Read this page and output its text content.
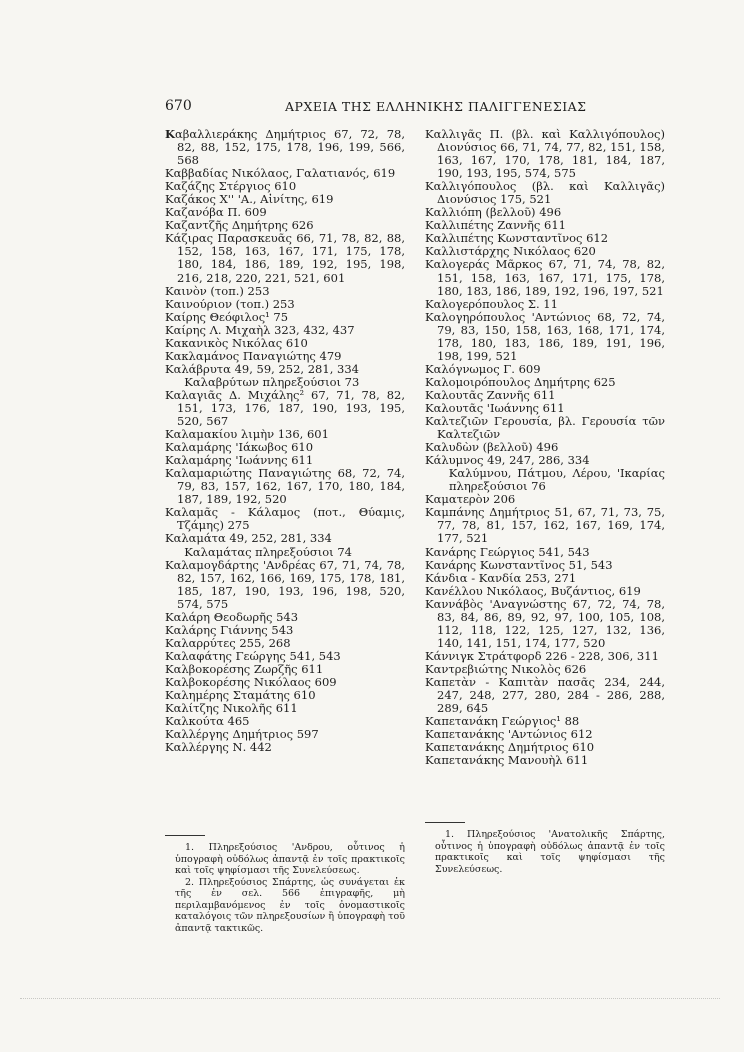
670	ΑΡΧΕΙΑ ΤΗΣ ΕΛΛΗΝΙΚΗΣ ΠΑΛΙΓΓΕΝΕΣΙΑΣ
Καβαλλιεράκης Δημήτριος 67, 72, 78, 82, 88, 152, 175, 178, 196, 199, 566, 568
Καββαδίας Νικόλαος, Γαλατιανός, 619
Καζάζης Στέργιος 610
Καζάκος Χ'' 'Α., Αἰνίτης, 619
Καζανόβα Π. 609
Καζαντζῆς Δημήτρης 626
Κάζιρας Παρασκευᾶς 66, 71, 78, 82, 88, 152, 158, 163, 167, 171, 175, 178, 180, 184, 186, 189, 192, 195, 198, 216, 218, 220, 221, 521, 601
Καινὸν (τοπ.) 253
Καινούριον (τοπ.) 253
Καίρης Θεόφιλος¹ 75
Καίρης Λ. Μιχαὴλ 323, 432, 437
Κακανικὸς Νικόλας 610
Κακλαμάνος Παναγιώτης 479
Καλάβρυτα 49, 59, 252, 281, 334
Καλαβρύτων πληρεξούσιοι 73
Καλαγιᾶς Δ. Μιχάλης² 67, 71, 78, 82, 151, 173, 176, 187, 190, 193, 195, 520, 567
Καλαμακίου λιμὴν 136, 601
Καλαμάρης 'Ιάκωβος 610
Καλαμάρης 'Ιωάννης 611
Καλαμαριώτης Παναγιώτης 68, 72, 74, 79, 83, 157, 162, 167, 170, 180, 184, 187, 189, 192, 520
Καλαμᾶς - Κάλαμος (ποτ., Θύαμις, Τζάμης) 275
Καλαμάτα 49, 252, 281, 334
Καλαμάτας πληρεξούσιοι 74
Καλαμογδάρτης 'Ανδρέας 67, 71, 74, 78, 82, 157, 162, 166, 169, 175, 178, 181, 185, 187, 190, 193, 196, 198, 520, 574, 575
Καλάρη Θεοδωρῆς 543
Καλάρης Γιάννης 543
Καλαρρύτες 255, 268
Καλαφάτης Γεώργης 541, 543
Καλβοκορέσης Ζωρζῆς 611
Καλβοκορέσης Νικόλαος 609
Καλημέρης Σταμάτης 610
Καλίτζης Νικολῆς 611
Καλκούτα 465
Καλλέργης Δημήτριος 597
Καλλέργης Ν. 442
Καλλιγᾶς Π. (βλ. καὶ Καλλιγόπουλος) Διονύσιος 66, 71, 74, 77, 82, 151, 158, 163, 167, 170, 178, 181, 184, 187, 190, 193, 195, 574, 575
Καλλιγόπουλος (βλ. καὶ Καλλιγᾶς) Διονύσιος 175, 521
Καλλιόπη (βελλοῦ) 496
Καλλιπέτης Ζαννῆς 611
Καλλιπέτης Κωνσταντῖνος 612
Καλλιστάρχης Νικόλαος 620
Καλογεράς Μᾶρκος 67, 71, 74, 78, 82, 151, 158, 163, 167, 171, 175, 178, 180, 183, 186, 189, 192, 196, 197, 521
Καλογερόπουλος Σ. 11
Καλογηρόπουλος 'Αντώνιος 68, 72, 74, 79, 83, 150, 158, 163, 168, 171, 174, 178, 180, 183, 186, 189, 191, 196, 198, 199, 521
Καλόγνωμος Γ. 609
Καλομοιρόπουλος Δημήτρης 625
Καλουτᾶς Ζαννῆς 611
Καλουτᾶς 'Ιωάννης 611
Καλτεζιῶν Γερουσία, βλ. Γερουσία τῶν Καλτεζιῶν
Καλυδὼν (βελλοῦ) 496
Κάλυμνος 49, 247, 286, 334
Καλύμνου, Πάτμου, Λέρου, 'Ικαρίας πληρεξούσιοι 76
Καματερὸν 206
Καμπάνης Δημήτριος 51, 67, 71, 73, 75, 77, 78, 81, 157, 162, 167, 169, 174, 177, 521
Κανάρης Γεώργιος 541, 543
Κανάρης Κωνσταντῖνος 51, 543
Κάνδια - Κανδία 253, 271
Κανέλλου Νικόλαος, Βυζάντιος, 619
Καννάβὸς 'Αναγνώστης 67, 72, 74, 78, 83, 84, 86, 89, 92, 97, 100, 105, 108, 112, 118, 122, 125, 127, 132, 136, 140, 141, 151, 174, 177, 520
Κάννιγκ Στράτφορδ 226 - 228, 306, 311
Καντρεβιώτης Νικολὸς 626
Καπετὰν - Καπιτὰν πασᾶς 234, 244, 247, 248, 277, 280, 284 - 286, 288, 289, 645
Καπετανάκη Γεώργιος¹ 88
Καπετανάκης 'Αντώνιος 612
Καπετανάκης Δημήτριος 610
Καπετανάκης Μανουὴλ 611
1. Πληρεξούσιος 'Ανδρου, οὗτινος ἡ ὑπογραφὴ οὐδόλως ἀπαντᾷ ἐν τοῖς πρακτικοῖς καὶ τοῖς ψηφίσμασι τῆς Συνελεύσεως.
2. Πληρεξούσιος Σπάρτης, ὡς συνάγεται ἐκ τῆς ἐν σελ. 566 ἐπιγραφῆς, μὴ περιλαμβανόμενος ἐν τοῖς ὀνομαστικοῖς καταλόγοις τῶν πληρεξουσίων ἢ ὑπογραφὴ τοῦ ἀπαντᾷ τακτικῶς.
1. Πληρεξούσιος 'Ανατολικῆς Σπάρτης, οὗτινος ἡ ὑπογραφὴ οὐδόλως ἀπαντᾷ ἐν τοῖς πρακτικοῖς καὶ τοῖς ψηφίσμασι τῆς Συνελεύσεως.
